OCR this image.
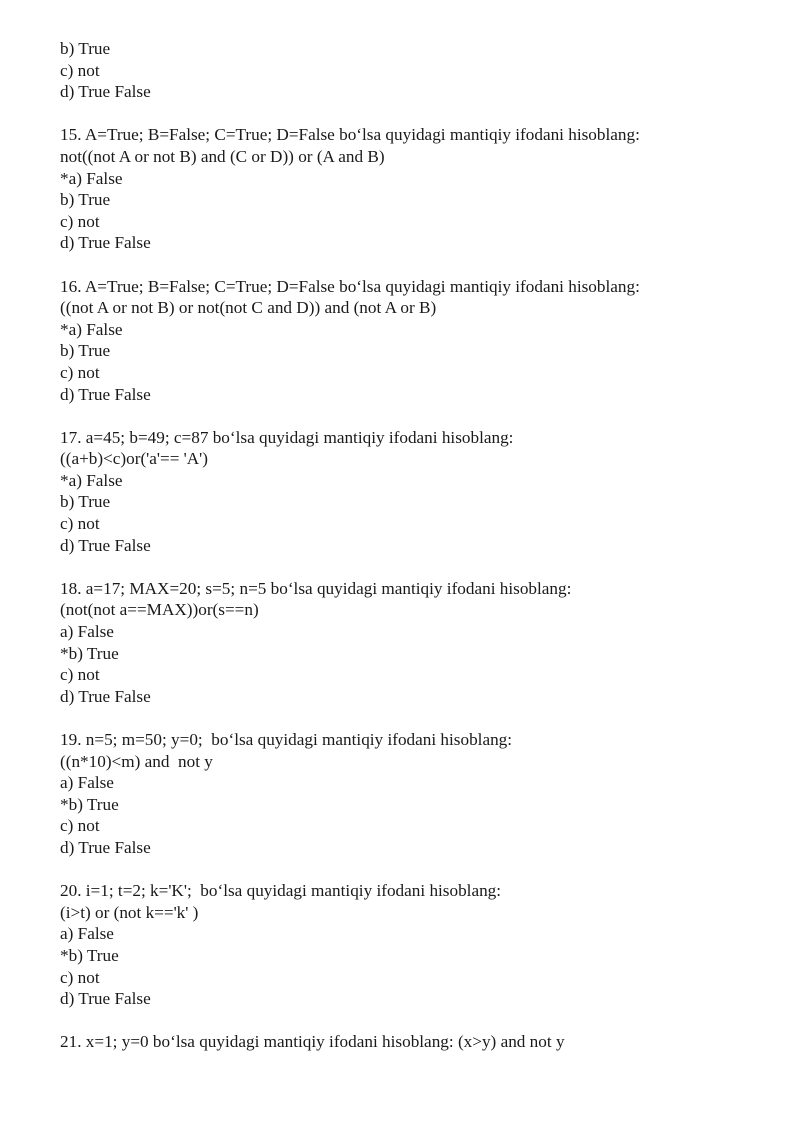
b) True
c) not
d) True False
15. A=True; B=False; C=True; D=False bo‘lsa quyidagi mantiqiy ifodani hisoblang:
not((not A or not B) and (C or D)) or (A and B)
*a) False
b) True
c) not
d) True False
16. A=True; B=False; C=True; D=False bo‘lsa quyidagi mantiqiy ifodani hisoblang:
((not A or not B) or not(not C and D)) and (not A or B)
*a) False
b) True
c) not
d) True False
17. a=45; b=49; c=87 bo‘lsa quyidagi mantiqiy ifodani hisoblang:
((a+b)<c)or('a'== 'A')
*a) False
b) True
c) not
d) True False
18. a=17; MAX=20; s=5; n=5 bo‘lsa quyidagi mantiqiy ifodani hisoblang:
(not(not a==MAX))or(s==n)
a) False
*b) True
c) not
d) True False
19. n=5; m=50; y=0;  bo‘lsa quyidagi mantiqiy ifodani hisoblang:
((n*10)<m) and  not y
a) False
*b) True
c) not
d) True False
20. i=1; t=2; k='K';  bo‘lsa quyidagi mantiqiy ifodani hisoblang:
(i>t) or (not k=='k' )
a) False
*b) True
c) not
d) True False
21. x=1; y=0 bo‘lsa quyidagi mantiqiy ifodani hisoblang: (x>y) and not y
